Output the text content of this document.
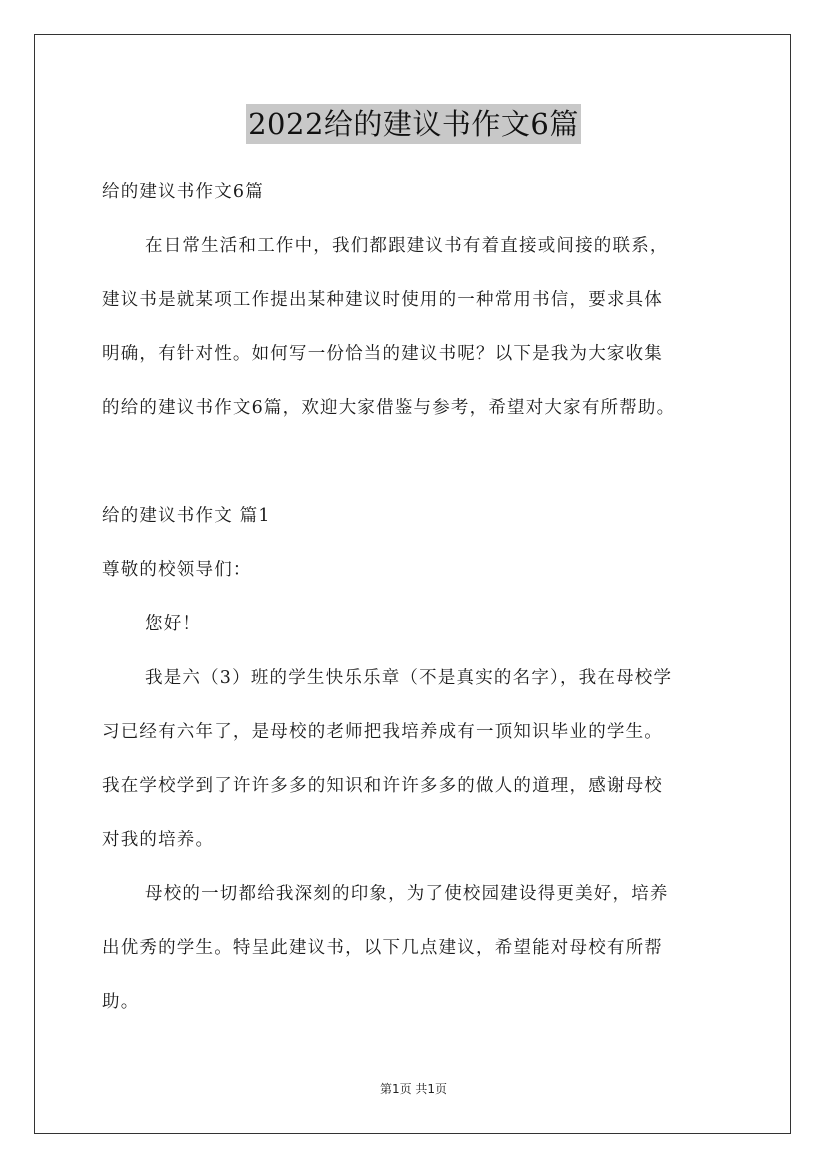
2022给的建议书作文6篇
给的建议书作文6篇
在日常生活和工作中，我们都跟建议书有着直接或间接的联系，
建议书是就某项工作提出某种建议时使用的一种常用书信，要求具体
明确，有针对性。如何写一份恰当的建议书呢？以下是我为大家收集
的给的建议书作文6篇，欢迎大家借鉴与参考，希望对大家有所帮助。
给的建议书作文 篇1
尊敬的校领导们：
您好！
我是六（3）班的学生快乐乐章（不是真实的名字），我在母校学
习已经有六年了，是母校的老师把我培养成有一顶知识毕业的学生。
我在学校学到了许许多多的知识和许许多多的做人的道理，感谢母校
对我的培养。
母校的一切都给我深刻的印象，为了使校园建设得更美好，培养
出优秀的学生。特呈此建议书，以下几点建议，希望能对母校有所帮
助。
第1页 共1页
